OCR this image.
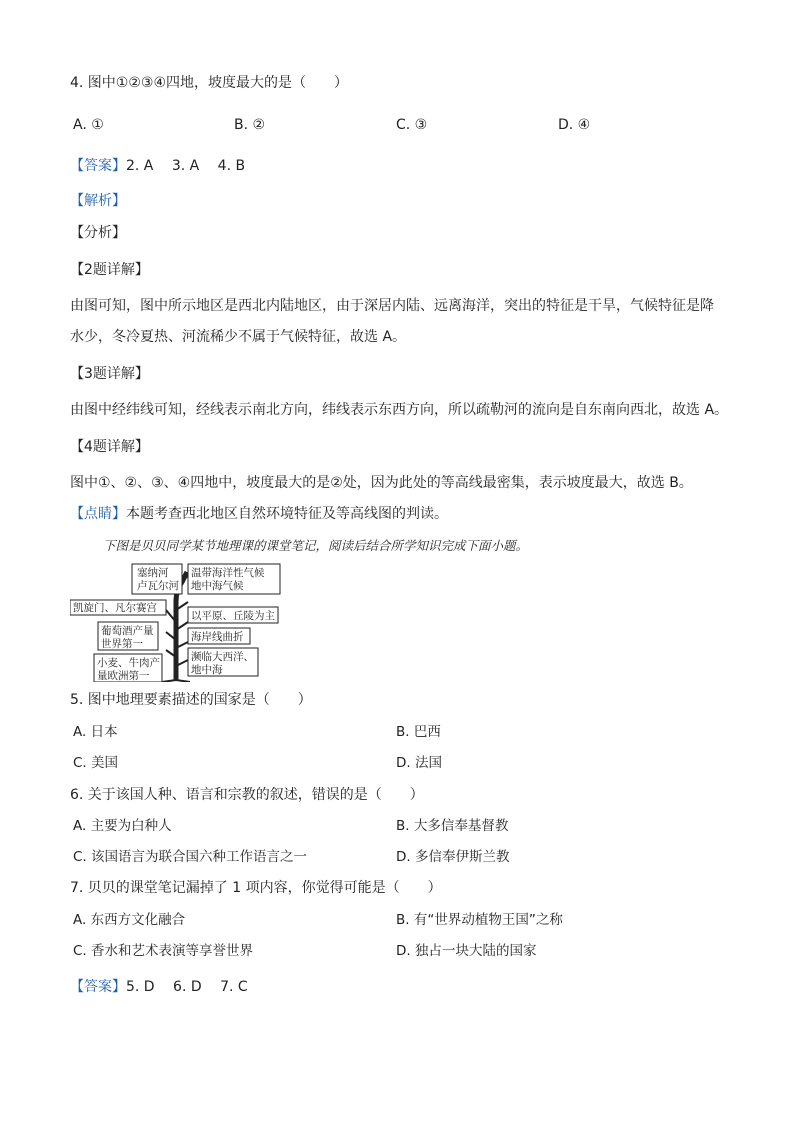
4. 图中①②③④四地，坡度最大的是（　　）
A. ①	B. ②	C. ③	D. ④
【答案】2. A　 3. A　 4. B
【解析】
【分析】
【2题详解】
由图可知，图中所示地区是西北内陆地区，由于深居内陆、远离海洋，突出的特征是干旱，气候特征是降
水少，冬冷夏热、河流稀少不属于气候特征，故选 A。
【3题详解】
由图中经纬线可知，经线表示南北方向，纬线表示东西方向，所以疏勒河的流向是自东南向西北，故选 A。
【4题详解】
图中①、②、③、④四地中，坡度最大的是②处，因为此处的等高线最密集，表示坡度最大，故选 B。
【点睛】本题考查西北地区自然环境特征及等高线图的判读。
下图是贝贝同学某节地理课的课堂笔记，阅读后结合所学知识完成下面小题。
塞纳河
卢瓦尔河
凯旋门、凡尔赛宫
葡萄酒产量
世界第一
小麦、牛肉产
量欧洲第一
温带海洋性气候
地中海气候
以平原、丘陵为主
海岸线曲折
濒临大西洋、
地中海
5. 图中地理要素描述的国家是（　　）
A. 日本	B. 巴西
C. 美国	D. 法国
6. 关于该国人种、语言和宗教的叙述，错误的是（　　）
A. 主要为白种人	B. 大多信奉基督教
C. 该国语言为联合国六种工作语言之一	D. 多信奉伊斯兰教
7. 贝贝的课堂笔记漏掉了 1 项内容，你觉得可能是（　　）
A. 东西方文化融合	B. 有“世界动植物王国”之称
C. 香水和艺术表演等享誉世界	D. 独占一块大陆的国家
【答案】5. D　 6. D　 7. C
